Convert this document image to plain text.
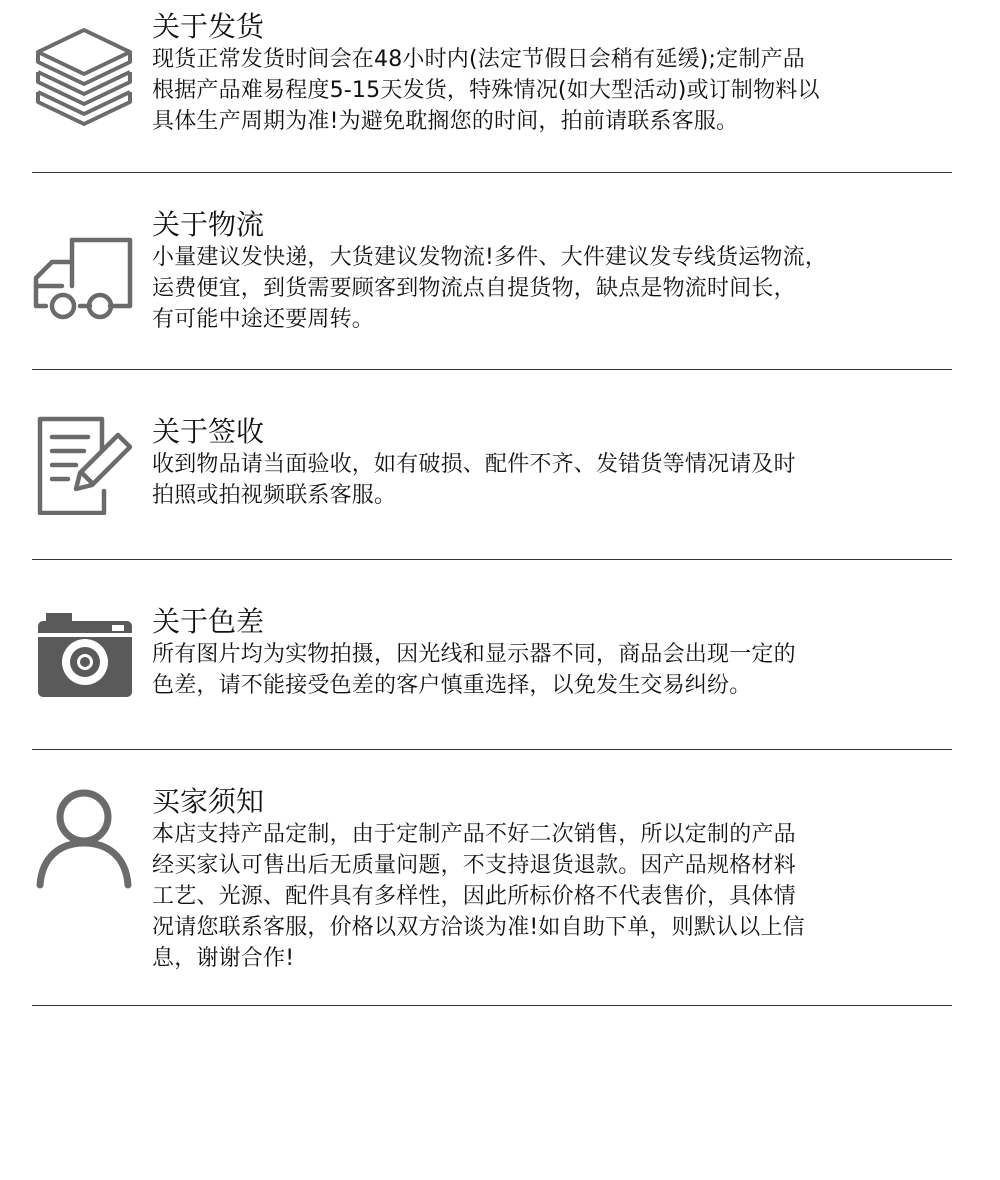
关于发货

现货正常发货时间会在48小时内(法定节假日会稍有延缓);定制产品
根据产品难易程度5-15天发货，特殊情况(如大型活动)或订制物料以
具体生产周期为准!为避免耽搁您的时间，拍前请联系客服。

关于物流

小量建议发快递，大货建议发物流!多件、大件建议发专线货运物流，
运费便宜，到货需要顾客到物流点自提货物，缺点是物流时间长，
有可能中途还要周转。

关于签收

收到物品请当面验收，如有破损、配件不齐、发错货等情况请及时
拍照或拍视频联系客服。

关于色差

所有图片均为实物拍摄，因光线和显示器不同，商品会出现一定的
色差，请不能接受色差的客户慎重选择，以免发生交易纠纷。

买家须知

本店支持产品定制，由于定制产品不好二次销售，所以定制的产品
经买家认可售出后无质量问题，不支持退货退款。因产品规格材料
工艺、光源、配件具有多样性，因此所标价格不代表售价，具体情
况请您联系客服，价格以双方洽谈为准!如自助下单，则默认以上信
息，谢谢合作!
